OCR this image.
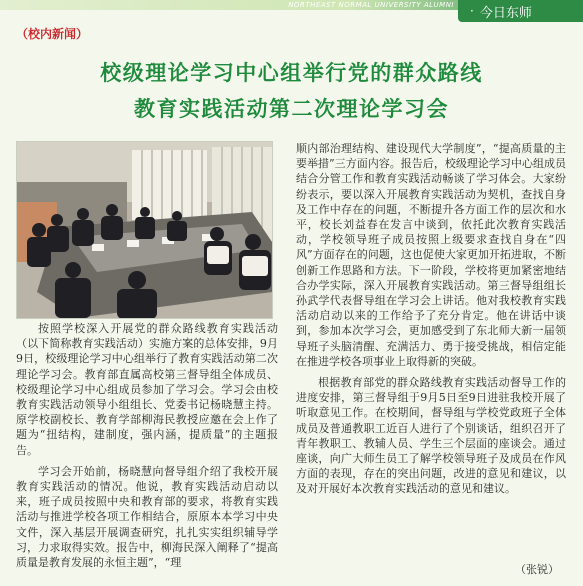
NORTHEAST NORMAL UNIVERSITY ALUMNI · 今日东师
（校内新闻）
校级理论学习中心组举行党的群众路线
教育实践活动第二次理论学习会

按照学校深入开展党的群众路线教育实践活动（以下简称教育实践活动）实施方案的总体安排，9月9日，校级理论学习中心组举行了教育实践活动第二次理论学习会。教育部直属高校第三督导组全体成员、校级理论学习中心组成员参加了学习会。学习会由校教育实践活动领导小组组长、党委书记杨晓慧主持。原学校副校长、教育学部柳海民教授应邀在会上作了题为“扭结构，建制度，强内涵，提质量”的主题报告。

学习会开始前，杨晓慧向督导组介绍了我校开展教育实践活动的情况。他说，教育实践活动启动以来，班子成员按照中央和教育部的要求，将教育实践活动与推进学校各项工作相结合，原原本本学习中央文件，深入基层开展调查研究，扎扎实实组织辅导学习，力求取得实效。报告中，柳海民深入阐释了“提高质量是教育发展的永恒主题”，“理

顺内部治理结构、建设现代大学制度”，“提高质量的主要举措”三方面内容。报告后，校级理论学习中心组成员结合分管工作和教育实践活动畅谈了学习体会。大家纷纷表示，要以深入开展教育实践活动为契机，查找自身及工作中存在的问题，不断提升各方面工作的层次和水平，校长刘益春在发言中谈到，依托此次教育实践活动，学校领导班子成员按照上级要求查找自身在“四风”方面存在的问题，这也促使大家更加开拓进取，不断创新工作思路和方法。下一阶段，学校将更加紧密地结合办学实际，深入开展教育实践活动。第三督导组组长孙武学代表督导组在学习会上讲话。他对我校教育实践活动启动以来的工作给予了充分肯定。他在讲话中谈到，参加本次学习会，更加感受到了东北师大新一届领导班子头脑清醒、充满活力、勇于接受挑战，相信定能在推进学校各项事业上取得新的突破。

根据教育部党的群众路线教育实践活动督导工作的进度安排，第三督导组于9月5日至9日进驻我校开展了听取意见工作。在校期间，督导组与学校党政班子全体成员及普通教职工近百人进行了个别谈话，组织召开了青年教职工、教辅人员、学生三个层面的座谈会。通过座谈，向广大师生员工了解学校领导班子及成员在作风方面的表现，存在的突出问题，改进的意见和建议，以及对开展好本次教育实践活动的意见和建议。

（张锐）
